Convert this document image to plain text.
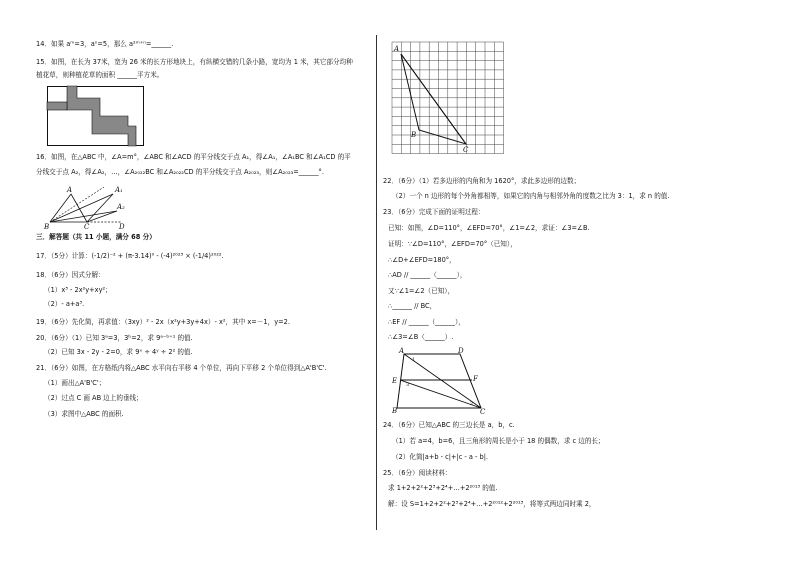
14．如果 aᵐ=3，aⁿ=5，那么 a²ᵐ⁺ⁿ=______.
15．如图，在长为 37米，宽为 26 米的长方形地块上，有纵横交错的几条小路，宽均为 1 米，其它部分均种
植花草，则种植花草的面积 ______平方米。
16．如图，在△ABC 中，∠A=m°，∠ABC 和∠ACD 的平分线交于点 A₁，得∠A₁，∠A₁BC 和∠A₁CD 的平
分线交于点 A₂，得∠A₂，…，∠A₂₀₂₂BC 和∠A₂₀₂₂CD 的平分线交于点 A₂₀₂₃，则∠A₂₀₂₃=______°.
A₂
A₁
A
B	C	D
三．解答题（共 11 小题，满分 68 分）
17．（5分）计算：(-1/2)⁻² + (π-3.14)⁰ - (-4)²⁰²³ × (-1/4)²⁰²².
18．（6分）因式分解：
（1）x³ - 2x²y+xy²；
（2）- a+a³.
19．（6分）先化简，再求值：（3xy）² - 2x（x²y+3y+4x）- x²，其中 x=－1，y=2.
20．（6分）（1）已知 3ᵃ=3，3ᵇ=2，求 9ᵃ⁻ᵇ⁺¹ 的值.
（2）已知 3x - 2y - 2=0，求 9ˣ ÷ 4ʸ ÷ 2² 的值.
21．（6分）如图，在方格纸内将△ABC 水平向右平移 4 个单位，再向下平移 2 个单位得到△A'B'C'.
（1）画出△A'B'C'；
（2）过点 C 画 AB 边上的垂线；
（3）求图中△ABC 的面积.
A
B
C
22．（6分）（1）若多边形的内角和为 1620°，求此多边形的边数；
（2）一个 n 边形的每个外角都相等，如果它的内角与相邻外角的度数之比为 3：1，求 n 的值.
23．（6分）完成下面的证明过程：
已知：如图，∠D=110°，∠EFD=70°，∠1=∠2，求证：∠3=∠B.
证明：∵∠D=110°，∠EFD=70°（已知），
∴∠D+∠EFD=180°，
∴AD // ______（______），
又∵∠1=∠2（已知），
∴______ // BC，
∴EF // ______（______），
∴∠3=∠B（______）.
A	D
E	F
B	C
1
2
3
24．（6分）已知△ABC 的三边长是 a，b，c.
（1）若 a=4，b=6，且三角形的周长是小于 18 的偶数，求 c 边的长；
（2）化简|a+b - c|+|c - a - b|.
25．（6分）阅读材料：
求 1+2+2²+2³+2⁴+…+2²⁰¹³ 的值.
解：设 S=1+2+2²+2³+2⁴+…+2²⁰¹²+2²⁰¹³，将等式两边同时乘 2，
